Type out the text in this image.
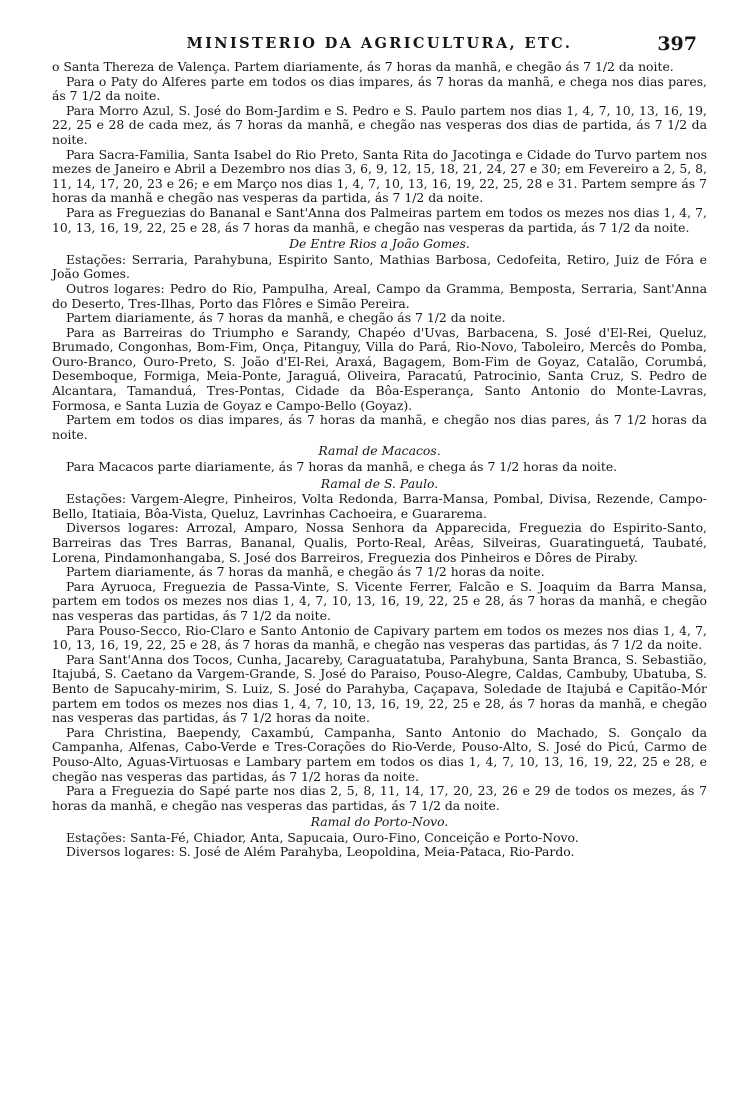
MINISTERIO DA AGRICULTURA, ETC.	397

o Santa Thereza de Valença. Partem diariamente, ás 7 horas da manhã, e chegão ás 7 1/2 da noite.

Para o Paty do Alferes parte em todos os dias impares, ás 7 horas da manhã, e chega nos dias pares, ás 7 1/2 da noite.

Para Morro Azul, S. José do Bom-Jardim e S. Pedro e S. Paulo partem nos dias 1, 4, 7, 10, 13, 16, 19, 22, 25 e 28 de cada mez, ás 7 horas da manhã, e chegão nas vesperas dos dias de partida, ás 7 1/2 da noite.

Para Sacra-Familia, Santa Isabel do Rio Preto, Santa Rita do Jacotinga e Cidade do Turvo partem nos mezes de Janeiro e Abril a Dezembro nos dias 3, 6, 9, 12, 15, 18, 21, 24, 27 e 30; em Fevereiro a 2, 5, 8, 11, 14, 17, 20, 23 e 26; e em Março nos dias 1, 4, 7, 10, 13, 16, 19, 22, 25, 28 e 31. Partem sempre ás 7 horas da manhã e chegão nas vesperas da partida, ás 7 1/2 da noite.

Para as Freguezias do Bananal e Sant'Anna dos Palmeiras partem em todos os mezes nos dias 1, 4, 7, 10, 13, 16, 19, 22, 25 e 28, ás 7 horas da manhã, e chegão nas vesperas da partida, ás 7 1/2 da noite.

De Entre Rios a João Gomes.

Estações: Serraria, Parahybuna, Espirito Santo, Mathias Barbosa, Cedofeita, Retiro, Juiz de Fóra e João Gomes.

Outros logares: Pedro do Rio, Pampulha, Areal, Campo da Gramma, Bemposta, Serraria, Sant'Anna do Deserto, Tres-Ilhas, Porto das Flôres e Simão Pereira.

Partem diariamente, ás 7 horas da manhã, e chegão ás 7 1/2 da noite.

Para as Barreiras do Triumpho e Sarandy, Chapéo d'Uvas, Barbacena, S. José d'El-Rei, Queluz, Brumado, Congonhas, Bom-Fim, Onça, Pitanguy, Villa do Pará, Rio-Novo, Taboleiro, Mercês do Pomba, Ouro-Branco, Ouro-Preto, S. João d'El-Rei, Araxá, Bagagem, Bom-Fim de Goyaz, Catalão, Corumbá, Desemboque, Formiga, Meia-Ponte, Jaraguá, Oliveira, Paracatú, Patrocinio, Santa Cruz, S. Pedro de Alcantara, Tamanduá, Tres-Pontas, Cidade da Bôa-Esperança, Santo Antonio do Monte-Lavras, Formosa, e Santa Luzia de Goyaz e Campo-Bello (Goyaz).

Partem em todos os dias impares, ás 7 horas da manhã, e chegão nos dias pares, ás 7 1/2 horas da noite.

Ramal de Macacos.

Para Macacos parte diariamente, ás 7 horas da manhã, e chega ás 7 1/2 horas da noite.

Ramal de S. Paulo.

Estações: Vargem-Alegre, Pinheiros, Volta Redonda, Barra-Mansa, Pombal, Divisa, Rezende, Campo-Bello, Itatiaia, Bôa-Vista, Queluz, Lavrinhas Cachoeira, e Guararema.

Diversos logares: Arrozal, Amparo, Nossa Senhora da Apparecida, Freguezia do Espirito-Santo, Barreiras das Tres Barras, Bananal, Qualis, Porto-Real, Arêas, Silveiras, Guaratinguetá, Taubaté, Lorena, Pindamonhangaba, S. José dos Barreiros, Freguezia dos Pinheiros e Dôres de Piraby.

Partem diariamente, ás 7 horas da manhã, e chegão ás 7 1/2 horas da noite.

Para Ayruoca, Freguezia de Passa-Vinte, S. Vicente Ferrer, Falcão e S. Joaquim da Barra Mansa, partem em todos os mezes nos dias 1, 4, 7, 10, 13, 16, 19, 22, 25 e 28, ás 7 horas da manhã, e chegão nas vesperas das partidas, ás 7 1/2 da noite.

Para Pouso-Secco, Rio-Claro e Santo Antonio de Capivary partem em todos os mezes nos dias 1, 4, 7, 10, 13, 16, 19, 22, 25 e 28, ás 7 horas da manhã, e chegão nas vesperas das partidas, ás 7 1/2 da noite.

Para Sant'Anna dos Tocos, Cunha, Jacareby, Caraguatatuba, Parahybuna, Santa Branca, S. Sebastião, Itajubá, S. Caetano da Vargem-Grande, S. José do Paraiso, Pouso-Alegre, Caldas, Cambuby, Ubatuba, S. Bento de Sapucahy-mirim, S. Luiz, S. José do Parahyba, Caçapava, Soledade de Itajubá e Capitão-Mór partem em todos os mezes nos dias 1, 4, 7, 10, 13, 16, 19, 22, 25 e 28, ás 7 horas da manhã, e chegão nas vesperas das partidas, ás 7 1/2 horas da noite.

Para Christina, Baependy, Caxambú, Campanha, Santo Antonio do Machado, S. Gonçalo da Campanha, Alfenas, Cabo-Verde e Tres-Corações do Rio-Verde, Pouso-Alto, S. José do Picú, Carmo de Pouso-Alto, Aguas-Virtuosas e Lambary partem em todos os dias 1, 4, 7, 10, 13, 16, 19, 22, 25 e 28, e chegão nas vesperas das partidas, ás 7 1/2 horas da noite.

Para a Freguezia do Sapé parte nos dias 2, 5, 8, 11, 14, 17, 20, 23, 26 e 29 de todos os mezes, ás 7 horas da manhã, e chegão nas vesperas das partidas, ás 7 1/2 da noite.

Ramal do Porto-Novo.

Estações: Santa-Fé, Chiador, Anta, Sapucaia, Ouro-Fino, Conceição e Porto-Novo.

Diversos logares: S. José de Além Parahyba, Leopoldina, Meia-Pataca, Rio-Pardo.
